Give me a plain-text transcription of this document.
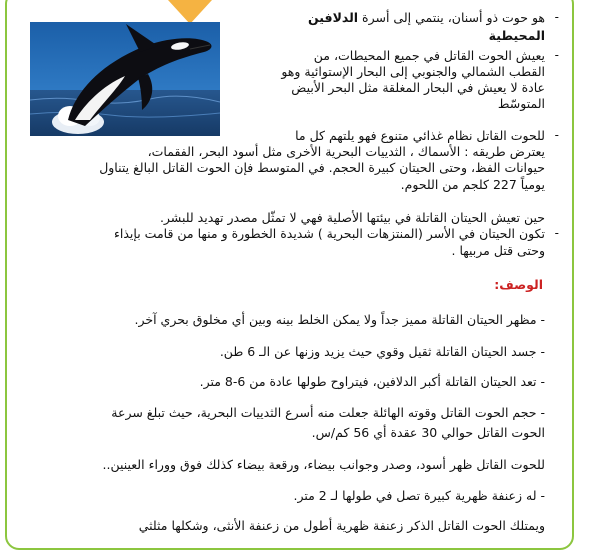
هو حوت ذو أسنان، ينتمي إلى أسرة الدلافين	-
المحيطية
-
يعيش الحوت القاتل في جميع المحيطات، من
القطب الشمالي والجنوبي إلى البحار الإستوائية وهو
عادة لا يعيش في البحار المغلقة مثل البحر الأبيض
المتوسّط
-
للحوت القاتل نظام غذائي متنوع فهو يلتهم كل ما
يعترض طريقه : الأسماك ، الثدييات البحرية الأخرى مثل أسود البحر، الفقمات،
حيوانات الفظ، وحتى الحيتان كبيرة الحجم. في المتوسط فإن الحوت القاتل البالغ يتناول
يومياً 227 كلجم من اللحوم.
حين تعيش الحيتان القاتلة في بيئتها الأصلية فهي لا تمثّل مصدر تهديد للبشر.
-
تكون الحيتان في الأسر (المنتزهات البحرية ) شديدة الخطورة و منها من قامت بإيذاء
وحتى قتل مربيها .
الوصف:
- مظهر الحيتان القاتلة مميز جداً ولا يمكن الخلط بينه وبين أي مخلوق بحري آخر.
- جسد الحيتان القاتلة ثقيل وقوي حيث يزيد وزنها عن الـ 6 طن.
- تعد الحيتان القاتلة أكبر الدلافين، فيتراوح طولها عادة من 6-8 متر.
- حجم الحوت القاتل وقوته الهائلة جعلت منه أسرع الثدييات البحرية، حيث تبلغ سرعة
الحوت القاتل حوالي 30 عقدة أي 56 كم/س.
للحوت القاتل ظهر أسود، وصدر وجوانب بيضاء، ورقعة بيضاء كذلك فوق ووراء العينين..
- له زعنفة ظهرية كبيرة تصل في طولها لـ 2 متر.
ويمتلك الحوت القاتل الذكر زعنفة ظهرية أطول من زعنفة الأنثى، وشكلها مثلثي
